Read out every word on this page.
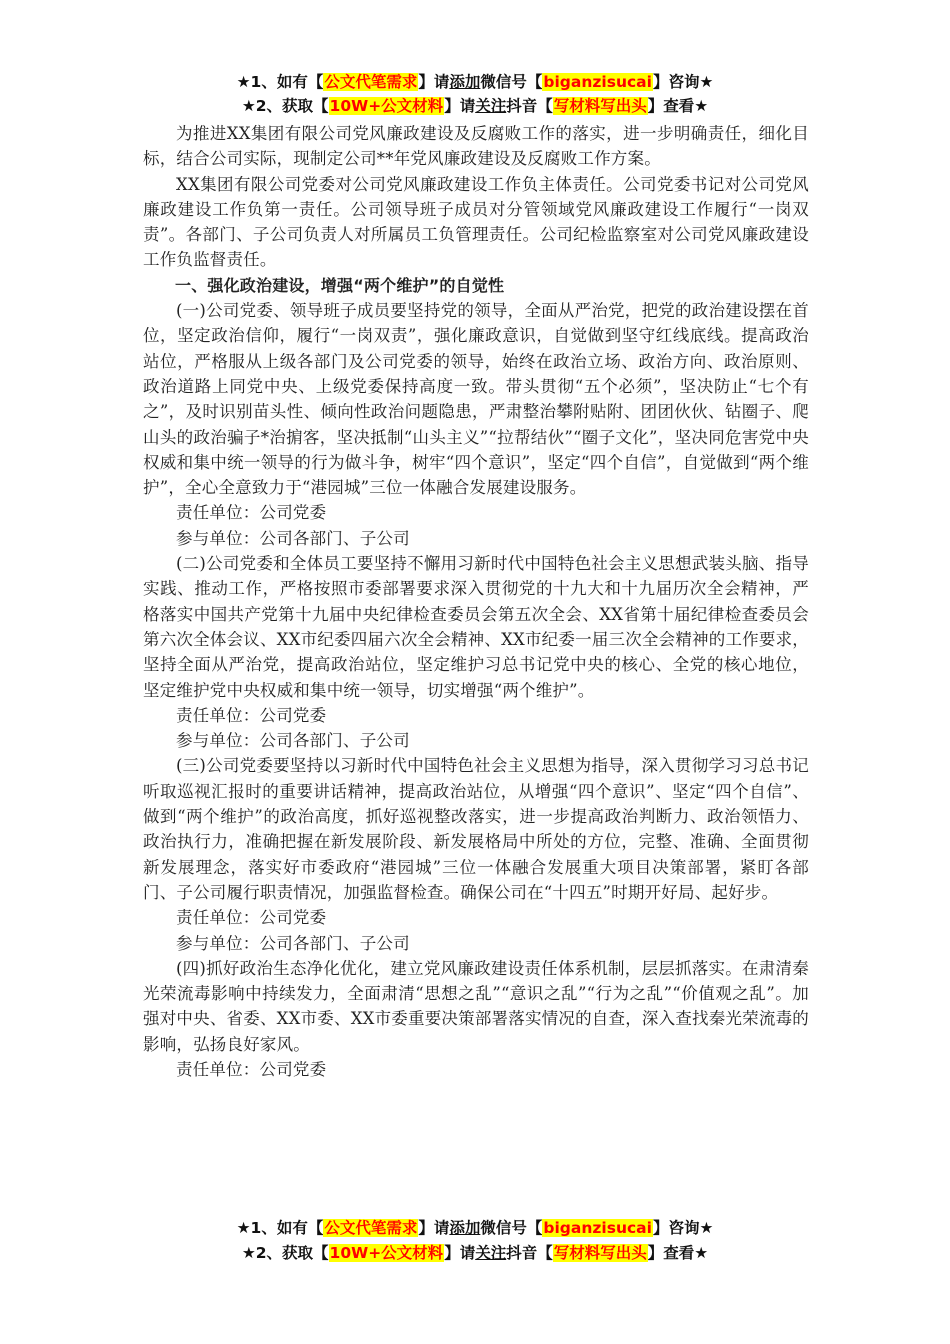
★1、如有【公文代笔需求】请添加微信号【biganzisucai】咨询★
★2、获取【10W+公文材料】请关注抖音【写材料写出头】查看★

为推进XX集团有限公司党风廉政建设及反腐败工作的落实，进一步明确责任，细化目标，结合公司实际，现制定公司**年党风廉政建设及反腐败工作方案。

XX集团有限公司党委对公司党风廉政建设工作负主体责任。公司党委书记对公司党风廉政建设工作负第一责任。公司领导班子成员对分管领域党风廉政建设工作履行“一岗双责”。各部门、子公司负责人对所属员工负管理责任。公司纪检监察室对公司党风廉政建设工作负监督责任。

一、强化政治建设，增强“两个维护”的自觉性

(一)公司党委、领导班子成员要坚持党的领导，全面从严治党，把党的政治建设摆在首位，坚定政治信仰，履行“一岗双责”，强化廉政意识，自觉做到坚守红线底线。提高政治站位，严格服从上级各部门及公司党委的领导，始终在政治立场、政治方向、政治原则、政治道路上同党中央、上级党委保持高度一致。带头贯彻“五个必须”，坚决防止“七个有之”，及时识别苗头性、倾向性政治问题隐患，严肃整治攀附贴附、团团伙伙、钻圈子、爬山头的政治骗子*治掮客，坚决抵制“山头主义”“拉帮结伙”“圈子文化”，坚决同危害党中央权威和集中统一领导的行为做斗争，树牢“四个意识”，坚定“四个自信”，自觉做到“两个维护”，全心全意致力于“港园城”三位一体融合发展建设服务。

责任单位：公司党委

参与单位：公司各部门、子公司

(二)公司党委和全体员工要坚持不懈用习新时代中国特色社会主义思想武装头脑、指导实践、推动工作，严格按照市委部署要求深入贯彻党的十九大和十九届历次全会精神，严格落实中国共产党第十九届中央纪律检查委员会第五次全会、XX省第十届纪律检查委员会第六次全体会议、XX市纪委四届六次全会精神、XX市纪委一届三次全会精神的工作要求，坚持全面从严治党，提高政治站位，坚定维护习总书记党中央的核心、全党的核心地位，坚定维护党中央权威和集中统一领导，切实增强“两个维护”。

责任单位：公司党委

参与单位：公司各部门、子公司

(三)公司党委要坚持以习新时代中国特色社会主义思想为指导，深入贯彻学习习总书记听取巡视汇报时的重要讲话精神，提高政治站位，从增强“四个意识”、坚定“四个自信”、做到“两个维护”的政治高度，抓好巡视整改落实，进一步提高政治判断力、政治领悟力、政治执行力，准确把握在新发展阶段、新发展格局中所处的方位，完整、准确、全面贯彻新发展理念，落实好市委政府“港园城”三位一体融合发展重大项目决策部署，紧盯各部门、子公司履行职责情况，加强监督检查。确保公司在“十四五”时期开好局、起好步。

责任单位：公司党委

参与单位：公司各部门、子公司

(四)抓好政治生态净化优化，建立党风廉政建设责任体系机制，层层抓落实。在肃清秦光荣流毒影响中持续发力，全面肃清“思想之乱”“意识之乱”“行为之乱”“价值观之乱”。加强对中央、省委、XX市委、XX市委重要决策部署落实情况的自查，深入查找秦光荣流毒的影响，弘扬良好家风。

责任单位：公司党委

★1、如有【公文代笔需求】请添加微信号【biganzisucai】咨询★
★2、获取【10W+公文材料】请关注抖音【写材料写出头】查看★
